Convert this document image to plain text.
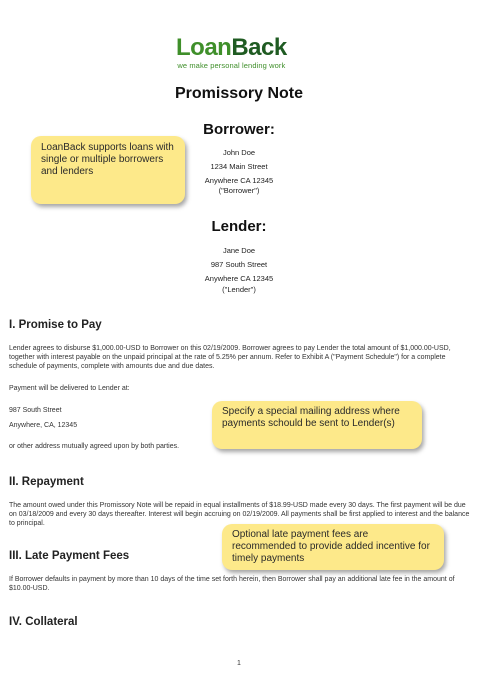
LoanBack
we make personal lending work
Promissory Note
Borrower:
John Doe
1234 Main Street
Anywhere CA 12345
("Borrower")
LoanBack supports loans with single or multiple borrowers and lenders
Lender:
Jane Doe
987 South Street
Anywhere CA 12345
("Lender")
I. Promise to Pay
Lender agrees to disburse $1,000.00-USD to Borrower on this 02/19/2009. Borrower agrees to pay Lender the total amount of $1,000.00-USD, together with interest payable on the unpaid principal at the rate of 5.25% per annum. Refer to Exhibit A ("Payment Schedule") for a complete schedule of payments, complete with amounts due and due dates.
Payment will be delivered to Lender at:
987 South Street
Anywhere, CA, 12345
or other address mutually agreed upon by both parties.
Specify a special mailing address where payments schould be sent to Lender(s)
II. Repayment
The amount owed under this Promissory Note will be repaid in equal installments of $18.99-USD made every 30 days. The first payment will be due on 03/18/2009 and every 30 days thereafter. Interest will begin accruing on 02/19/2009. All payments shall be first applied to interest and the balance to principal.
Optional late payment fees are recommended to provide added incentive for timely payments
III. Late Payment Fees
If Borrower defaults in payment by more than 10 days of the time set forth herein, then Borrower shall pay an additional late fee in the amount of $10.00-USD.
IV. Collateral
1
